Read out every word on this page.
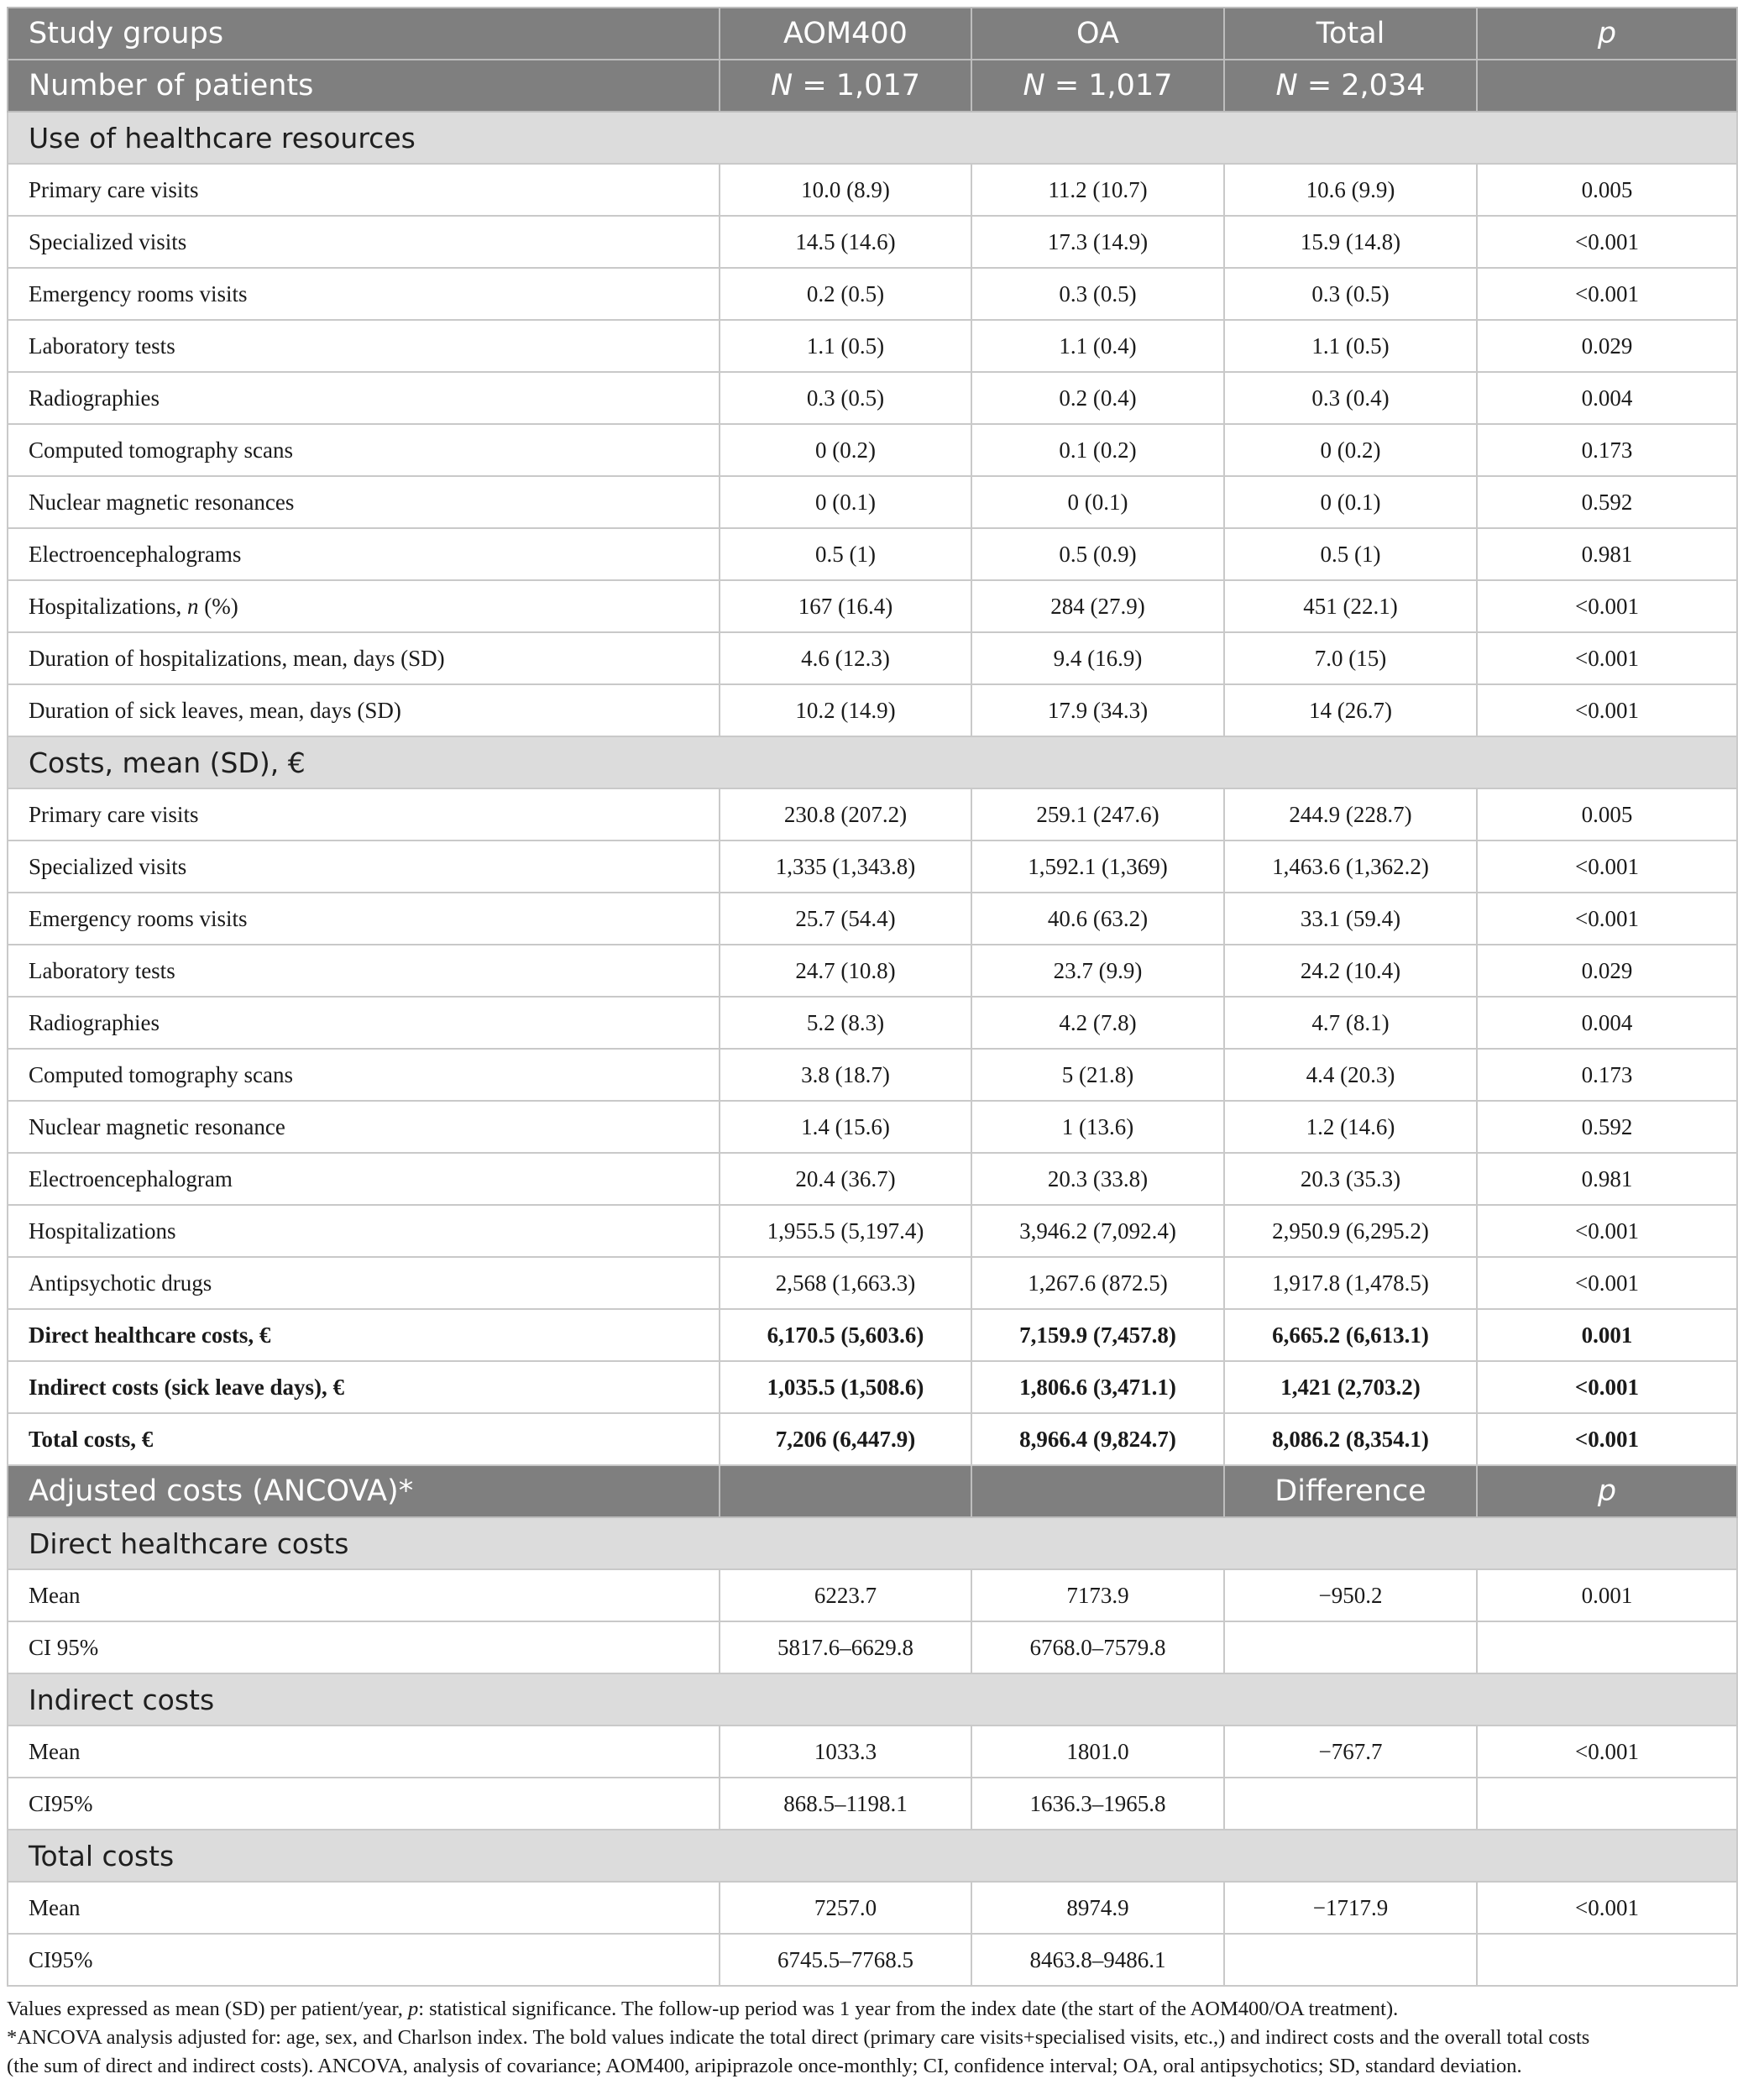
Study groups	AOM400	OA	Total	p
Number of patients	N = 1,017	N = 1,017	N = 2,034	
Use of healthcare resources				
Primary care visits	10.0 (8.9)	11.2 (10.7)	10.6 (9.9)	0.005
Specialized visits	14.5 (14.6)	17.3 (14.9)	15.9 (14.8)	<0.001
Emergency rooms visits	0.2 (0.5)	0.3 (0.5)	0.3 (0.5)	<0.001
Laboratory tests	1.1 (0.5)	1.1 (0.4)	1.1 (0.5)	0.029
Radiographies	0.3 (0.5)	0.2 (0.4)	0.3 (0.4)	0.004
Computed tomography scans	0 (0.2)	0.1 (0.2)	0 (0.2)	0.173
Nuclear magnetic resonances	0 (0.1)	0 (0.1)	0 (0.1)	0.592
Electroencephalograms	0.5 (1)	0.5 (0.9)	0.5 (1)	0.981
Hospitalizations, n (%)	167 (16.4)	284 (27.9)	451 (22.1)	<0.001
Duration of hospitalizations, mean, days (SD)	4.6 (12.3)	9.4 (16.9)	7.0 (15)	<0.001
Duration of sick leaves, mean, days (SD)	10.2 (14.9)	17.9 (34.3)	14 (26.7)	<0.001
Costs, mean (SD), €				
Primary care visits	230.8 (207.2)	259.1 (247.6)	244.9 (228.7)	0.005
Specialized visits	1,335 (1,343.8)	1,592.1 (1,369)	1,463.6 (1,362.2)	<0.001
Emergency rooms visits	25.7 (54.4)	40.6 (63.2)	33.1 (59.4)	<0.001
Laboratory tests	24.7 (10.8)	23.7 (9.9)	24.2 (10.4)	0.029
Radiographies	5.2 (8.3)	4.2 (7.8)	4.7 (8.1)	0.004
Computed tomography scans	3.8 (18.7)	5 (21.8)	4.4 (20.3)	0.173
Nuclear magnetic resonance	1.4 (15.6)	1 (13.6)	1.2 (14.6)	0.592
Electroencephalogram	20.4 (36.7)	20.3 (33.8)	20.3 (35.3)	0.981
Hospitalizations	1,955.5 (5,197.4)	3,946.2 (7,092.4)	2,950.9 (6,295.2)	<0.001
Antipsychotic drugs	2,568 (1,663.3)	1,267.6 (872.5)	1,917.8 (1,478.5)	<0.001
Direct healthcare costs, €	6,170.5 (5,603.6)	7,159.9 (7,457.8)	6,665.2 (6,613.1)	0.001
Indirect costs (sick leave days), €	1,035.5 (1,508.6)	1,806.6 (3,471.1)	1,421 (2,703.2)	<0.001
Total costs, €	7,206 (6,447.9)	8,966.4 (9,824.7)	8,086.2 (8,354.1)	<0.001
Adjusted costs (ANCOVA)*			Difference	p
Direct healthcare costs				
Mean	6223.7	7173.9	−950.2	0.001
CI 95%	5817.6–6629.8	6768.0–7579.8		
Indirect costs				
Mean	1033.3	1801.0	−767.7	<0.001
CI95%	868.5–1198.1	1636.3–1965.8		
Total costs				
Mean	7257.0	8974.9	−1717.9	<0.001
CI95%	6745.5–7768.5	8463.8–9486.1		

Values expressed as mean (SD) per patient/year, p: statistical significance. The follow-up period was 1 year from the index date (the start of the AOM400/OA treatment).

*ANCOVA analysis adjusted for: age, sex, and Charlson index. The bold values indicate the total direct (primary care visits+specialised visits, etc.,) and indirect costs and the overall total costs

(the sum of direct and indirect costs). ANCOVA, analysis of covariance; AOM400, aripiprazole once-monthly; CI, confidence interval; OA, oral antipsychotics; SD, standard deviation.
